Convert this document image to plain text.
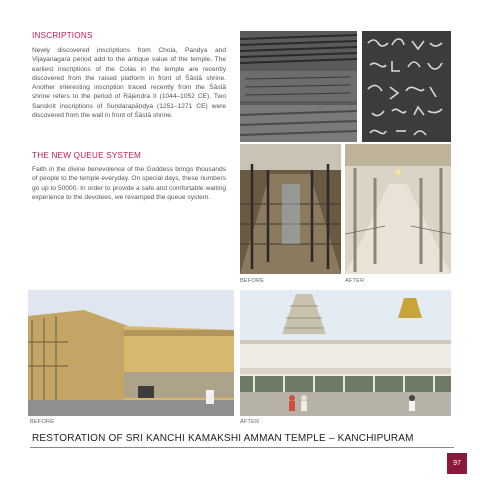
INSCRIPTIONS

Newly discovered inscriptions from Chola, Pandya and Vijayanagara period add to the antique value of the temple. The earliest inscriptions of the Colas in the temple are recently discovered from the raised platform in front of Śāstā shrine. Another interesting inscription traced recently from the Śāstā shrine refers to the period of Rājendra II (1044–1052 CE). Two Sanskrit inscriptions of Sundarapāṇḍya (1251–1271 CE) were discovered from the wall in front of Śāstā shrine.

THE NEW QUEUE SYSTEM

Faith in the divine benevolence of the Goddess brings thousands of people to the temple everyday. On special days, these numbers go up to 50000. In order to provide a safe and comfortable waiting experience to the devotees, we revamped the queue system.

BEFORE	AFTER
BEFORE	AFTER
RESTORATION OF SRI KANCHI KAMAKSHI AMMAN TEMPLE – KANCHIPURAM
97
